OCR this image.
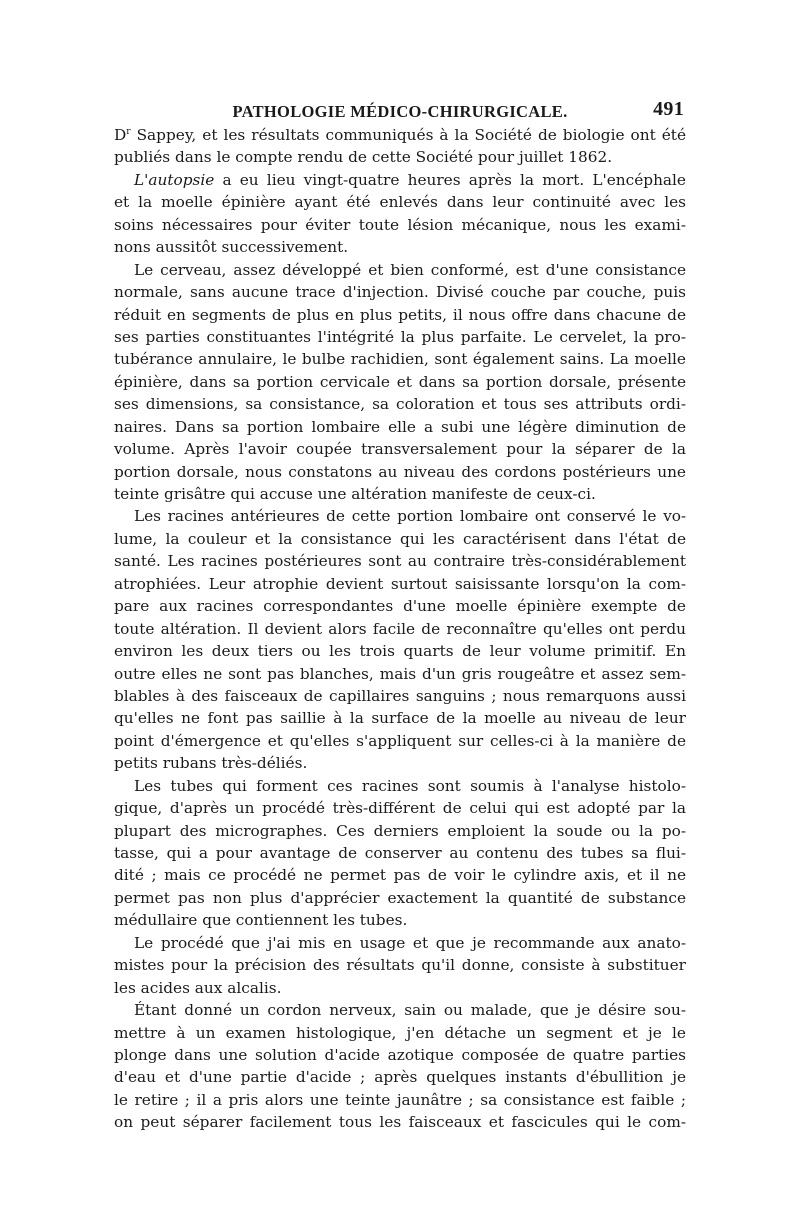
PATHOLOGIE MÉDICO-CHIRURGICALE.	491
$D^r$ Sappey, et les résultats communiqués à la Société de biologie ont été
publiés dans le compte rendu de cette Société pour juillet 1862.
L'autopsie a eu lieu vingt-quatre heures après la mort. L'encéphale
et la moelle épinière ayant été enlevés dans leur continuité avec les
soins nécessaires pour éviter toute lésion mécanique, nous les exami-
nons aussitôt successivement.
Le cerveau, assez développé et bien conformé, est d'une consistance
normale, sans aucune trace d'injection. Divisé couche par couche, puis
réduit en segments de plus en plus petits, il nous offre dans chacune de
ses parties constituantes l'intégrité la plus parfaite. Le cervelet, la pro-
tubérance annulaire, le bulbe rachidien, sont également sains. La moelle
épinière, dans sa portion cervicale et dans sa portion dorsale, présente
ses dimensions, sa consistance, sa coloration et tous ses attributs ordi-
naires. Dans sa portion lombaire elle a subi une légère diminution de
volume. Après l'avoir coupée transversalement pour la séparer de la
portion dorsale, nous constatons au niveau des cordons postérieurs une
teinte grisâtre qui accuse une altération manifeste de ceux-ci.
Les racines antérieures de cette portion lombaire ont conservé le vo-
lume, la couleur et la consistance qui les caractérisent dans l'état de
santé. Les racines postérieures sont au contraire très-considérablement
atrophiées. Leur atrophie devient surtout saisissante lorsqu'on la com-
pare aux racines correspondantes d'une moelle épinière exempte de
toute altération. Il devient alors facile de reconnaître qu'elles ont perdu
environ les deux tiers ou les trois quarts de leur volume primitif. En
outre elles ne sont pas blanches, mais d'un gris rougeâtre et assez sem-
blables à des faisceaux de capillaires sanguins ; nous remarquons aussi
qu'elles ne font pas saillie à la surface de la moelle au niveau de leur
point d'émergence et qu'elles s'appliquent sur celles-ci à la manière de
petits rubans très-déliés.
Les tubes qui forment ces racines sont soumis à l'analyse histolo-
gique, d'après un procédé très-différent de celui qui est adopté par la
plupart des micrographes. Ces derniers emploient la soude ou la po-
tasse, qui a pour avantage de conserver au contenu des tubes sa flui-
dité ; mais ce procédé ne permet pas de voir le cylindre axis, et il ne
permet pas non plus d'apprécier exactement la quantité de substance
médullaire que contiennent les tubes.
Le procédé que j'ai mis en usage et que je recommande aux anato-
mistes pour la précision des résultats qu'il donne, consiste à substituer
les acides aux alcalis.
Étant donné un cordon nerveux, sain ou malade, que je désire sou-
mettre à un examen histologique, j'en détache un segment et je le
plonge dans une solution d'acide azotique composée de quatre parties
d'eau et d'une partie d'acide ; après quelques instants d'ébullition je
le retire ; il a pris alors une teinte jaunâtre ; sa consistance est faible ;
on peut séparer facilement tous les faisceaux et fascicules qui le com-
